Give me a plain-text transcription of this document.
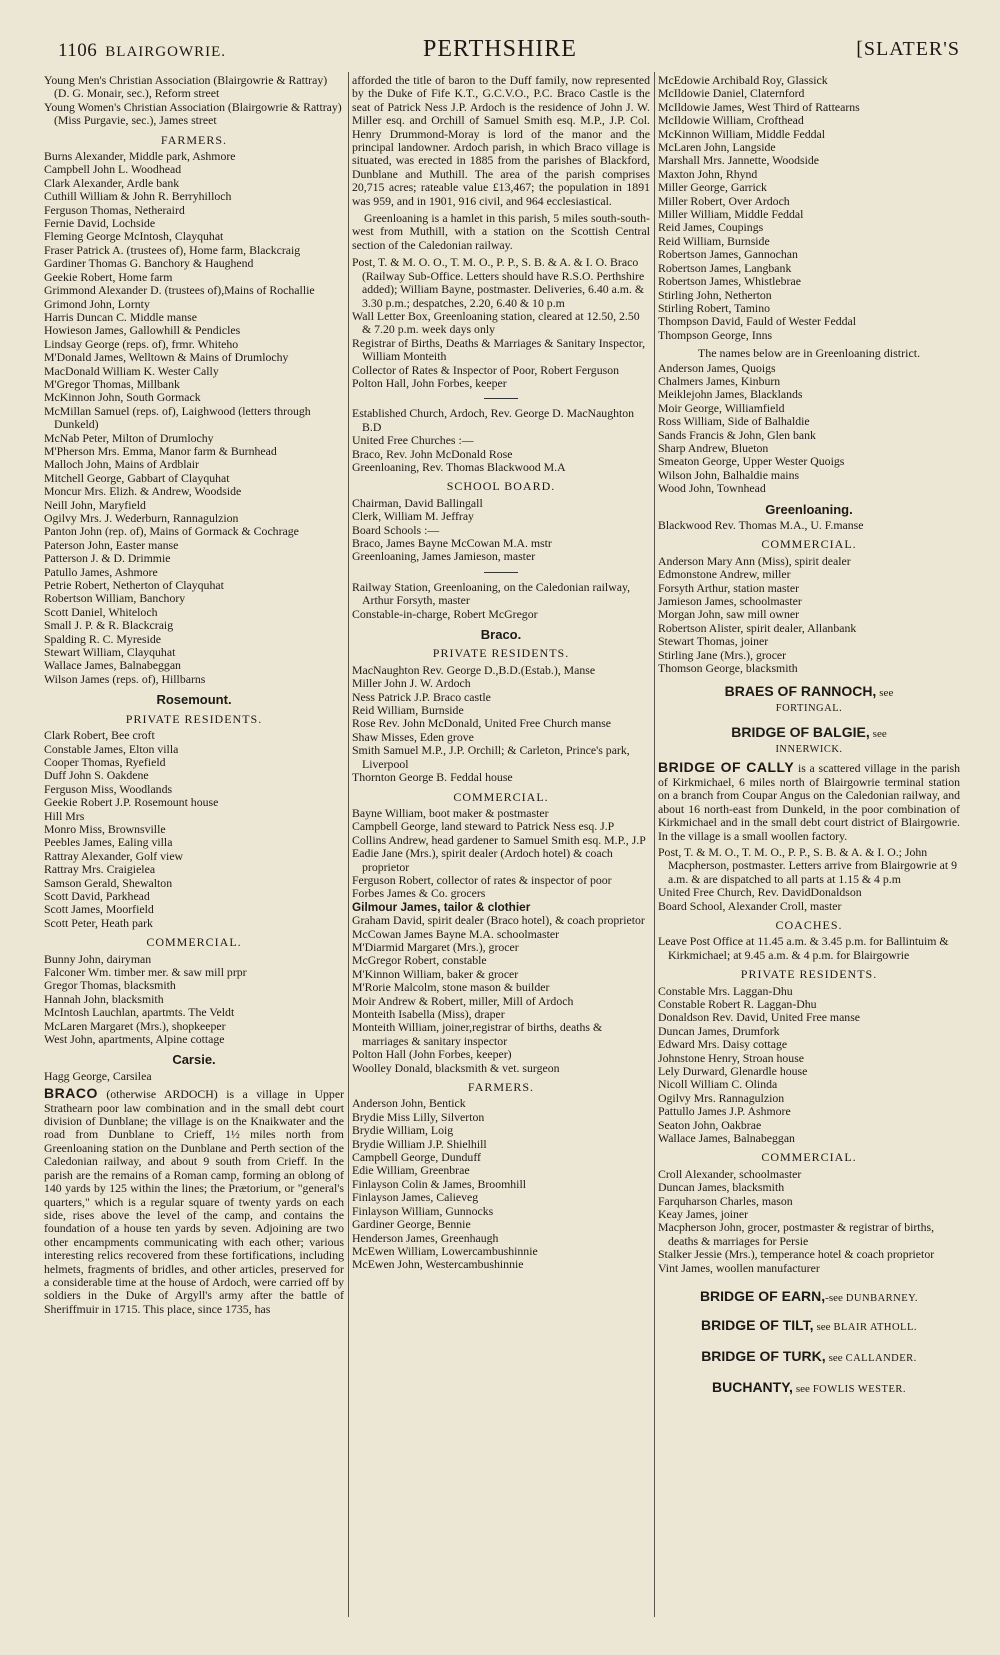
1106 BLAIRGOWRIE.	PERTHSHIRE	[SLATER'S

Young Men's Christian Association (Blairgowrie & Rattray) (D. G. Monair, sec.), Reform street

Young Women's Christian Association (Blairgowrie & Rattray) (Miss Purgavie, sec.), James street

FARMERS.

Burns Alexander, Middle park, Ashmore

Campbell John L. Woodhead

Clark Alexander, Ardle bank

Cuthill William & John R. Berryhilloch

Ferguson Thomas, Netheraird

Fernie David, Lochside

Fleming George McIntosh, Clayquhat

Fraser Patrick A. (trustees of), Home farm, Blackcraig

Gardiner Thomas G. Banchory & Haughend

Geekie Robert, Home farm

Grimmond Alexander D. (trustees of),Mains of Rochallie

Grimond John, Lornty

Harris Duncan C. Middle manse

Howieson James, Gallowhill & Pendicles

Lindsay George (reps. of), frmr. Whiteho

M'Donald James, Welltown & Mains of Drumlochy

MacDonald William K. Wester Cally

M'Gregor Thomas, Millbank

McKinnon John, South Gormack

McMillan Samuel (reps. of), Laighwood (letters through Dunkeld)

McNab Peter, Milton of Drumlochy

M'Pherson Mrs. Emma, Manor farm & Burnhead

Malloch John, Mains of Ardblair

Mitchell George, Gabbart of Clayquhat

Moncur Mrs. Elizh. & Andrew, Woodside

Neill John, Maryfield

Ogilvy Mrs. J. Wederburn, Rannagulzion

Panton John (rep. of), Mains of Gormack & Cochrage

Paterson John, Easter manse

Patterson J. & D. Drimmie

Patullo James, Ashmore

Petrie Robert, Netherton of Clayquhat

Robertson William, Banchory

Scott Daniel, Whiteloch

Small J. P. & R. Blackcraig

Spalding R. C. Myreside

Stewart William, Clayquhat

Wallace James, Balnabeggan

Wilson James (reps. of), Hillbarns

Rosemount.
PRIVATE RESIDENTS.

Clark Robert, Bee croft

Constable James, Elton villa

Cooper Thomas, Ryefield

Duff John S. Oakdene

Ferguson Miss, Woodlands

Geekie Robert J.P. Rosemount house

Hill Mrs

Monro Miss, Brownsville

Peebles James, Ealing villa

Rattray Alexander, Golf view

Rattray Mrs. Craigielea

Samson Gerald, Shewalton

Scott David, Parkhead

Scott James, Moorfield

Scott Peter, Heath park

COMMERCIAL.

Bunny John, dairyman

Falconer Wm. timber mer. & saw mill prpr

Gregor Thomas, blacksmith

Hannah John, blacksmith

McIntosh Lauchlan, apartmts. The Veldt

McLaren Margaret (Mrs.), shopkeeper

West John, apartments, Alpine cottage

Carsie.

Hagg George, Carsilea

BRACO (otherwise ARDOCH) is a village in Upper Strathearn poor law combination and in the small debt court division of Dunblane; the village is on the Knaikwater and the road from Dunblane to Crieff, 1½ miles north from Greenloaning station on the Dunblane and Perth section of the Caledonian railway, and about 9 south from Crieff. In the parish are the remains of a Roman camp, forming an oblong of 140 yards by 125 within the lines; the Prætorium, or "general's quarters," which is a regular square of twenty yards on each side, rises above the level of the camp, and contains the foundation of a house ten yards by seven. Adjoining are two other encampments communicating with each other; various interesting relics recovered from these fortifications, including helmets, fragments of bridles, and other articles, preserved for a considerable time at the house of Ardoch, were carried off by soldiers in the Duke of Argyll's army after the battle of Sheriffmuir in 1715. This place, since 1735, has

afforded the title of baron to the Duff family, now represented by the Duke of Fife K.T., G.C.V.O., P.C. Braco Castle is the seat of Patrick Ness J.P. Ardoch is the residence of John J. W. Miller esq. and Orchill of Samuel Smith esq. M.P., J.P. Col. Henry Drummond-Moray is lord of the manor and the principal landowner. Ardoch parish, in which Braco village is situated, was erected in 1885 from the parishes of Blackford, Dunblane and Muthill. The area of the parish comprises 20,715 acres; rateable value £13,467; the population in 1891 was 959, and in 1901, 916 civil, and 964 ecclesiastical.

Greenloaning is a hamlet in this parish, 5 miles south-south-west from Muthill, with a station on the Scottish Central section of the Caledonian railway.

Post, T. & M. O. O., T. M. O., P. P., S. B. & A. & I. O. Braco (Railway Sub-Office. Letters should have R.S.O. Perthshire added); William Bayne, postmaster. Deliveries, 6.40 a.m. & 3.30 p.m.; despatches, 2.20, 6.40 & 10 p.m

Wall Letter Box, Greenloaning station, cleared at 12.50, 2.50 & 7.20 p.m. week days only

Registrar of Births, Deaths & Marriages & Sanitary Inspector, William Monteith

Collector of Rates & Inspector of Poor, Robert Ferguson

Polton Hall, John Forbes, keeper

Established Church, Ardoch, Rev. George D. MacNaughton B.D

United Free Churches :—

Braco, Rev. John McDonald Rose

Greenloaning, Rev. Thomas Blackwood M.A

SCHOOL BOARD.

Chairman, David Ballingall

Clerk, William M. Jeffray

Board Schools :—

Braco, James Bayne McCowan M.A. mstr

Greenloaning, James Jamieson, master

Railway Station, Greenloaning, on the Caledonian railway, Arthur Forsyth, master

Constable-in-charge, Robert McGregor

Braco.
PRIVATE RESIDENTS.

MacNaughton Rev. George D.,B.D.(Estab.), Manse

Miller John J. W. Ardoch

Ness Patrick J.P. Braco castle

Reid William, Burnside

Rose Rev. John McDonald, United Free Church manse

Shaw Misses, Eden grove

Smith Samuel M.P., J.P. Orchill; & Carleton, Prince's park, Liverpool

Thornton George B. Feddal house

COMMERCIAL.

Bayne William, boot maker & postmaster

Campbell George, land steward to Patrick Ness esq. J.P

Collins Andrew, head gardener to Samuel Smith esq. M.P., J.P

Eadie Jane (Mrs.), spirit dealer (Ardoch hotel) & coach proprietor

Ferguson Robert, collector of rates & inspector of poor

Forbes James & Co. grocers

Gilmour James, tailor & clothier

Graham David, spirit dealer (Braco hotel), & coach proprietor

McCowan James Bayne M.A. schoolmaster

M'Diarmid Margaret (Mrs.), grocer

McGregor Robert, constable

M'Kinnon William, baker & grocer

M'Rorie Malcolm, stone mason & builder

Moir Andrew & Robert, miller, Mill of Ardoch

Monteith Isabella (Miss), draper

Monteith William, joiner,registrar of births, deaths & marriages & sanitary inspector

Polton Hall (John Forbes, keeper)

Woolley Donald, blacksmith & vet. surgeon

FARMERS.

Anderson John, Bentick

Brydie Miss Lilly, Silverton

Brydie William, Loig

Brydie William J.P. Shielhill

Campbell George, Dunduff

Edie William, Greenbrae

Finlayson Colin & James, Broomhill

Finlayson James, Calieveg

Finlayson William, Gunnocks

Gardiner George, Bennie

Henderson James, Greenhaugh

McEwen William, Lowercambushinnie

McEwen John, Westercambushinnie

McEdowie Archibald Roy, Glassick

McIldowie Daniel, Claternford

McIldowie James, West Third of Rattearns

McIldowie William, Crofthead

McKinnon William, Middle Feddal

McLaren John, Langside

Marshall Mrs. Jannette, Woodside

Maxton John, Rhynd

Miller George, Garrick

Miller Robert, Over Ardoch

Miller William, Middle Feddal

Reid James, Coupings

Reid William, Burnside

Robertson James, Gannochan

Robertson James, Langbank

Robertson James, Whistlebrae

Stirling John, Netherton

Stirling Robert, Tamino

Thompson David, Fauld of Wester Feddal

Thompson George, Inns

The names below are in Greenloaning district.

Anderson James, Quoigs

Chalmers James, Kinburn

Meiklejohn James, Blacklands

Moir George, Williamfield

Ross William, Side of Balhaldie

Sands Francis & John, Glen bank

Sharp Andrew, Blueton

Smeaton George, Upper Wester Quoigs

Wilson John, Balhaldie mains

Wood John, Townhead

Greenloaning.

Blackwood Rev. Thomas M.A., U. F.manse

COMMERCIAL.

Anderson Mary Ann (Miss), spirit dealer

Edmonstone Andrew, miller

Forsyth Arthur, station master

Jamieson James, schoolmaster

Morgan John, saw mill owner

Robertson Alister, spirit dealer, Allanbank

Stewart Thomas, joiner

Stirling Jane (Mrs.), grocer

Thomson George, blacksmith

BRAES OF RANNOCH, see
FORTINGAL.
BRIDGE OF BALGIE, see
INNERWICK.

BRIDGE OF CALLY is a scattered village in the parish of Kirkmichael, 6 miles north of Blairgowrie terminal station on a branch from Coupar Angus on the Caledonian railway, and about 16 north-east from Dunkeld, in the poor combination of Kirkmichael and in the small debt court district of Blairgowrie. In the village is a small woollen factory.

Post, T. & M. O., T. M. O., P. P., S. B. & A. & I. O.; John Macpherson, postmaster. Letters arrive from Blairgowrie at 9 a.m. & are dispatched to all parts at 1.15 & 4 p.m

United Free Church, Rev. DavidDonaldson

Board School, Alexander Croll, master

COACHES.

Leave Post Office at 11.45 a.m. & 3.45 p.m. for Ballintuim & Kirkmichael; at 9.45 a.m. & 4 p.m. for Blairgowrie

PRIVATE RESIDENTS.

Constable Mrs. Laggan-Dhu

Constable Robert R. Laggan-Dhu

Donaldson Rev. David, United Free manse

Duncan James, Drumfork

Edward Mrs. Daisy cottage

Johnstone Henry, Stroan house

Lely Durward, Glenardle house

Nicoll William C. Olinda

Ogilvy Mrs. Rannagulzion

Pattullo James J.P. Ashmore

Seaton John, Oakbrae

Wallace James, Balnabeggan

COMMERCIAL.

Croll Alexander, schoolmaster

Duncan James, blacksmith

Farquharson Charles, mason

Keay James, joiner

Macpherson John, grocer, postmaster & registrar of births, deaths & marriages for Persie

Stalker Jessie (Mrs.), temperance hotel & coach proprietor

Vint James, woollen manufacturer

BRIDGE OF EARN,-see DUNBARNEY.
BRIDGE OF TILT, see BLAIR ATHOLL.
BRIDGE OF TURK, see CALLANDER.
BUCHANTY, see FOWLIS WESTER.
